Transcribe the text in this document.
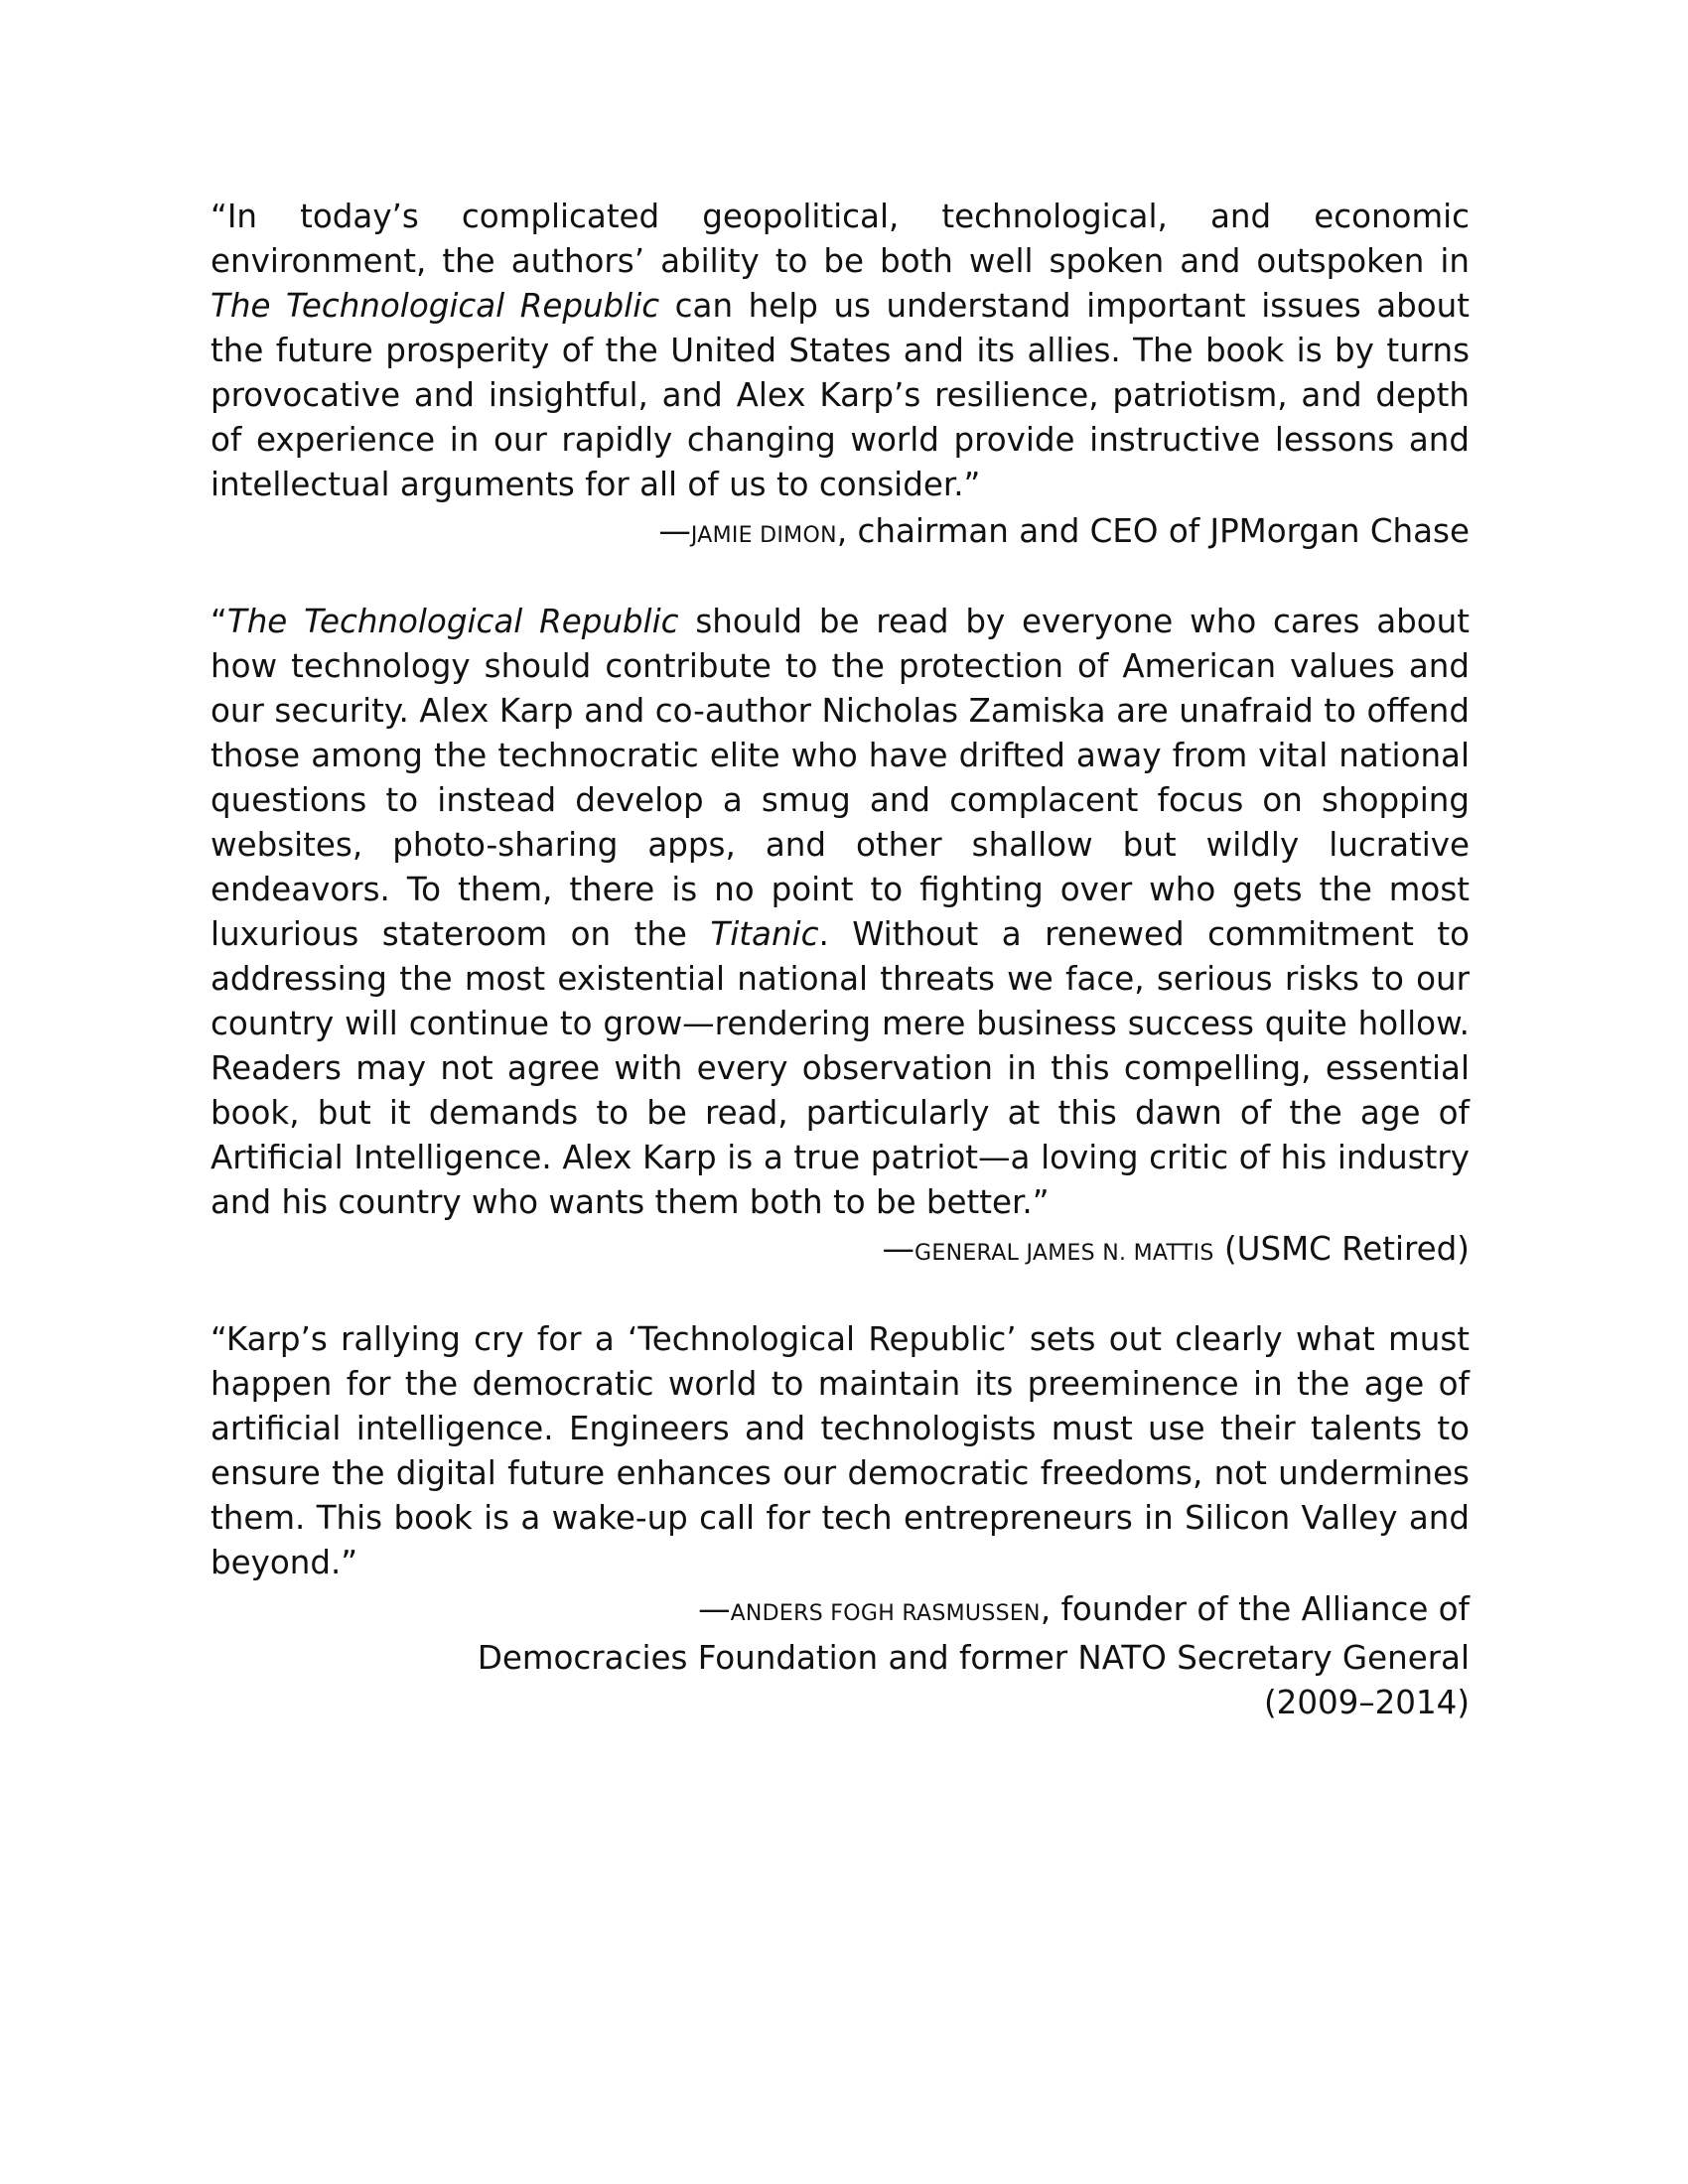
“In today’s complicated geopolitical, technological, and economic environment, the authors’ ability to be both well spoken and outspoken in The Technological Republic can help us understand important issues about the future prosperity of the United States and its allies. The book is by turns provocative and insightful, and Alex Karp’s resilience, patriotism, and depth of experience in our rapidly changing world provide instructive lessons and intellectual arguments for all of us to consider.”

—JAMIE DIMON, chairman and CEO of JPMorgan Chase

“The Technological Republic should be read by everyone who cares about how technology should contribute to the protection of American values and our security. Alex Karp and co-author Nicholas Zamiska are unafraid to offend those among the technocratic elite who have drifted away from vital national questions to instead develop a smug and complacent focus on shopping websites, photo-sharing apps, and other shallow but wildly lucrative endeavors. To them, there is no point to fighting over who gets the most luxurious stateroom on the Titanic. Without a renewed commitment to addressing the most existential national threats we face, serious risks to our country will continue to grow—rendering mere business success quite hollow. Readers may not agree with every observation in this compelling, essential book, but it demands to be read, particularly at this dawn of the age of Artificial Intelligence. Alex Karp is a true patriot—a loving critic of his industry and his country who wants them both to be better.”

—GENERAL JAMES N. MATTIS (USMC Retired)

“Karp’s rallying cry for a ‘Technological Republic’ sets out clearly what must happen for the democratic world to maintain its preeminence in the age of artificial intelligence. Engineers and technologists must use their talents to ensure the digital future enhances our democratic freedoms, not undermines them. This book is a wake-up call for tech entrepreneurs in Silicon Valley and beyond.”

—ANDERS FOGH RASMUSSEN, founder of the Alliance of

Democracies Foundation and former NATO Secretary General

(2009–2014)
